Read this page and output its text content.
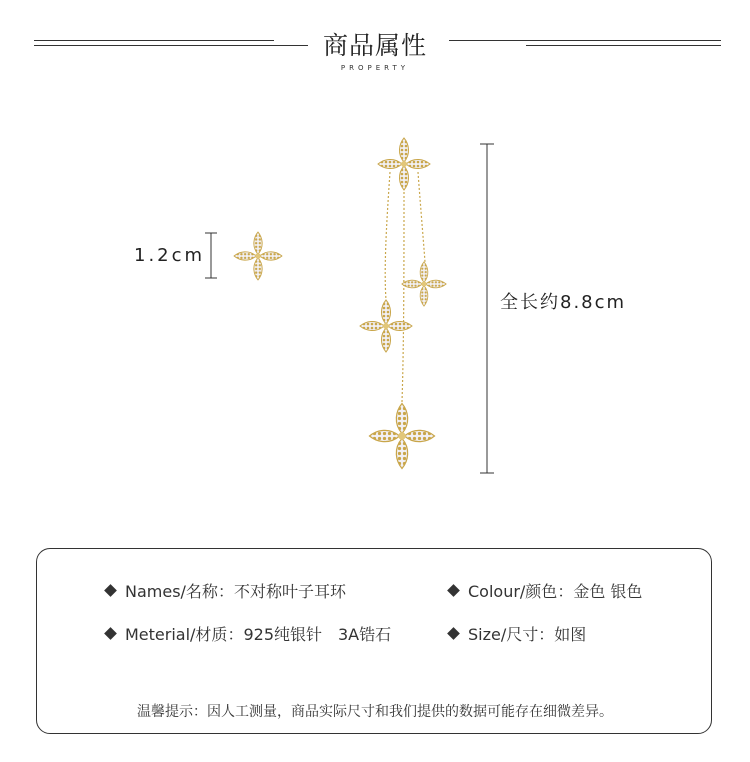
商品属性
PROPERTY
1.2cm
全长约8.8cm
Names/名称：不对称叶子耳环	Colour/颜色：金色 银色
Meterial/材质：925纯银针　3A锆石	Size/尺寸：如图
温馨提示：因人工测量，商品实际尺寸和我们提供的数据可能存在细微差异。
